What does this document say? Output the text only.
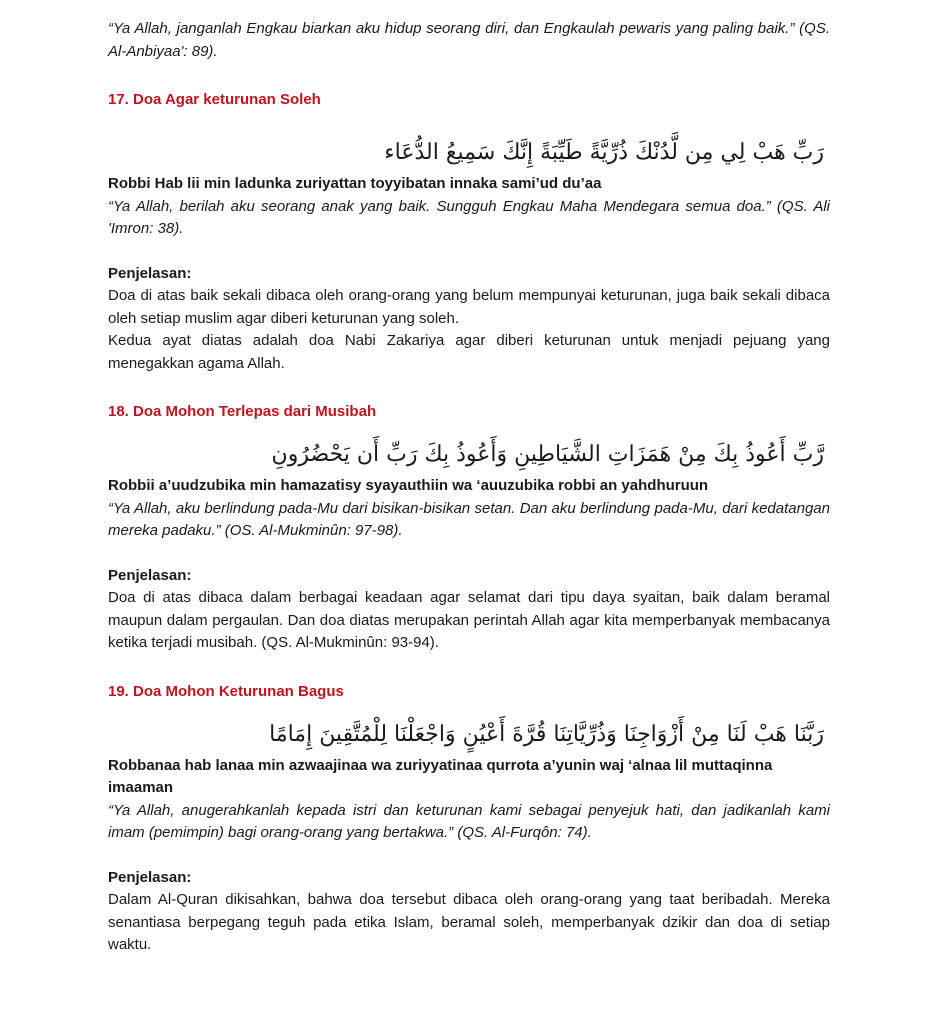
“Ya Allah, janganlah Engkau biarkan aku hidup seorang diri, dan Engkaulah pewaris yang paling baik.” (QS. Al-Anbiyaa': 89).

17. Doa Agar keturunan Soleh

رَبِّ هَبْ لِي مِن لَّدُنْكَ ذُرِّيَّةً طَيِّبَةً إِنَّكَ سَمِيعُ الدُّعَاء

Robbi Hab lii min ladunka zuriyattan toyyibatan innaka sami’ud du’aa

“Ya Allah, berilah aku seorang anak yang baik. Sungguh Engkau Maha Mendegara semua doa.” (QS. Ali 'Imron: 38).

Penjelasan:

Doa di atas baik sekali dibaca oleh orang-orang yang belum mempunyai keturunan, juga baik sekali dibaca oleh setiap muslim agar diberi keturunan yang soleh.

Kedua ayat diatas adalah doa Nabi Zakariya agar diberi keturunan untuk menjadi pejuang yang menegakkan agama Allah.

18. Doa Mohon Terlepas dari Musibah

رَّبِّ أَعُوذُ بِكَ مِنْ هَمَزَاتِ الشَّيَاطِينِ وَأَعُوذُ بِكَ رَبِّ أَن يَحْضُرُونِ

Robbii a’uudzubika min hamazatisy syayauthiin wa ‘auuzubika robbi an yahdhuruun

“Ya Allah, aku berlindung pada-Mu dari bisikan-bisikan setan. Dan aku berlindung pada-Mu, dari kedatangan mereka padaku.” (OS. Al-Mukminûn: 97-98).

Penjelasan:

Doa di atas dibaca dalam berbagai keadaan agar selamat dari tipu daya syaitan, baik dalam beramal maupun dalam pergaulan. Dan doa diatas merupakan perintah Allah agar kita memperbanyak membacanya ketika terjadi musibah. (QS. Al-Mukminûn: 93-94).

19. Doa Mohon Keturunan Bagus

رَبَّنَا هَبْ لَنَا مِنْ أَزْوَاجِنَا وَذُرِّيَّاتِنَا قُرَّةَ أَعْيُنٍ وَاجْعَلْنَا لِلْمُتَّقِينَ إِمَامًا

Robbanaa hab lanaa min azwaajinaa wa zuriyyatinaa qurrota a’yunin waj ‘alnaa lil muttaqinna imaaman

“Ya Allah, anugerahkanlah kepada istri dan keturunan kami sebagai penyejuk hati, dan jadikanlah kami imam (pemimpin) bagi orang-orang yang bertakwa.” (QS. Al-Furqôn: 74).

Penjelasan:

Dalam Al-Quran dikisahkan, bahwa doa tersebut dibaca oleh orang-orang yang taat beribadah. Mereka senantiasa berpegang teguh pada etika Islam, beramal soleh, memperbanyak dzikir dan doa di setiap waktu.
